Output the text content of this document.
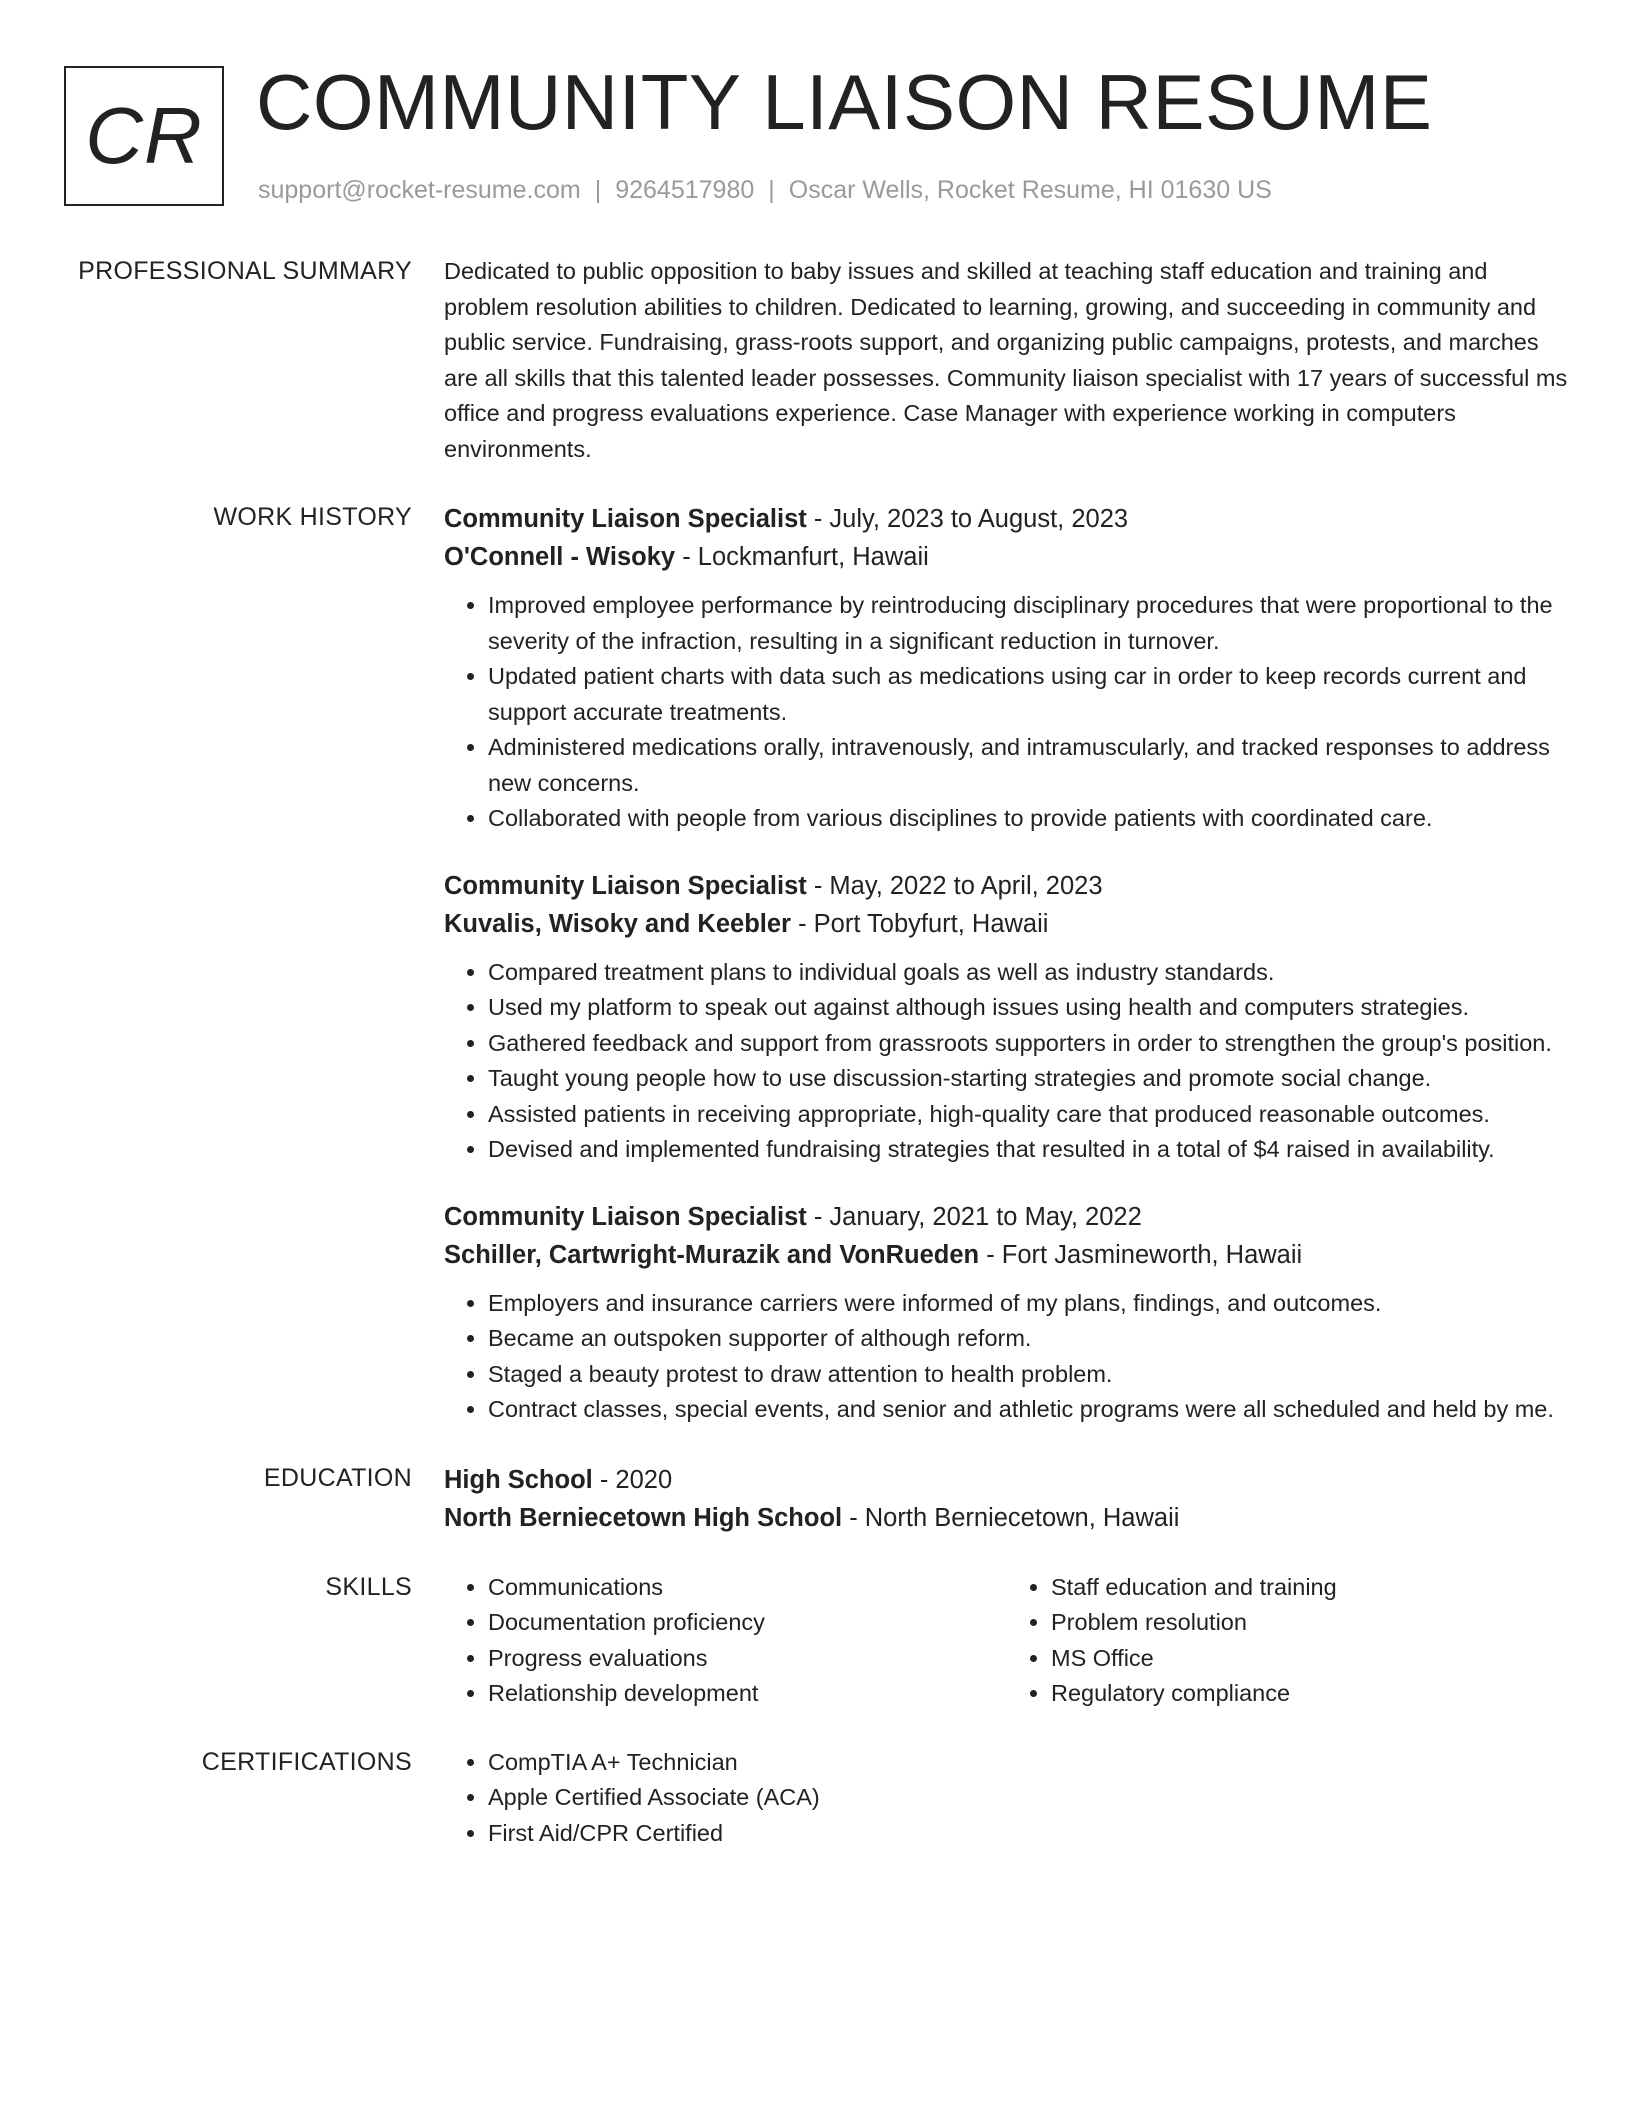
CR COMMUNITY LIAISON RESUME
support@rocket-resume.com | 9264517980 | Oscar Wells, Rocket Resume, HI 01630 US
PROFESSIONAL SUMMARY Dedicated to public opposition to baby issues and skilled at teaching staff education and training and problem resolution abilities to children. Dedicated to learning, growing, and succeeding in community and public service. Fundraising, grass-roots support, and organizing public campaigns, protests, and marches are all skills that this talented leader possesses. Community liaison specialist with 17 years of successful ms office and progress evaluations experience. Case Manager with experience working in computers environments.

WORK HISTORY Community Liaison Specialist - July, 2023 to August, 2023
O'Connell - Wisoky - Lockmanfurt, Hawaii
• Improved employee performance by reintroducing disciplinary procedures that were proportional to the severity of the infraction, resulting in a significant reduction in turnover.
• Updated patient charts with data such as medications using car in order to keep records current and support accurate treatments.
• Administered medications orally, intravenously, and intramuscularly, and tracked responses to address new concerns.
• Collaborated with people from various disciplines to provide patients with coordinated care.
Community Liaison Specialist - May, 2022 to April, 2023
Kuvalis, Wisoky and Keebler - Port Tobyfurt, Hawaii
• Compared treatment plans to individual goals as well as industry standards.
• Used my platform to speak out against although issues using health and computers strategies.
• Gathered feedback and support from grassroots supporters in order to strengthen the group's position.
• Taught young people how to use discussion-starting strategies and promote social change.
• Assisted patients in receiving appropriate, high-quality care that produced reasonable outcomes.
• Devised and implemented fundraising strategies that resulted in a total of $4 raised in availability.
Community Liaison Specialist - January, 2021 to May, 2022
Schiller, Cartwright-Murazik and VonRueden - Fort Jasmineworth, Hawaii
• Employers and insurance carriers were informed of my plans, findings, and outcomes.
• Became an outspoken supporter of although reform.
• Staged a beauty protest to draw attention to health problem.
• Contract classes, special events, and senior and athletic programs were all scheduled and held by me.
EDUCATION High School - 2020
North Berniecetown High School - North Berniecetown, Hawaii
SKILLS	• Communications
• Documentation proficiency
• Progress evaluations
• Relationship development
• Staff education and training
• Problem resolution
• MS Office
• Regulatory compliance
CERTIFICATIONS	• CompTIA A+ Technician
• Apple Certified Associate (ACA)
• First Aid/CPR Certified
